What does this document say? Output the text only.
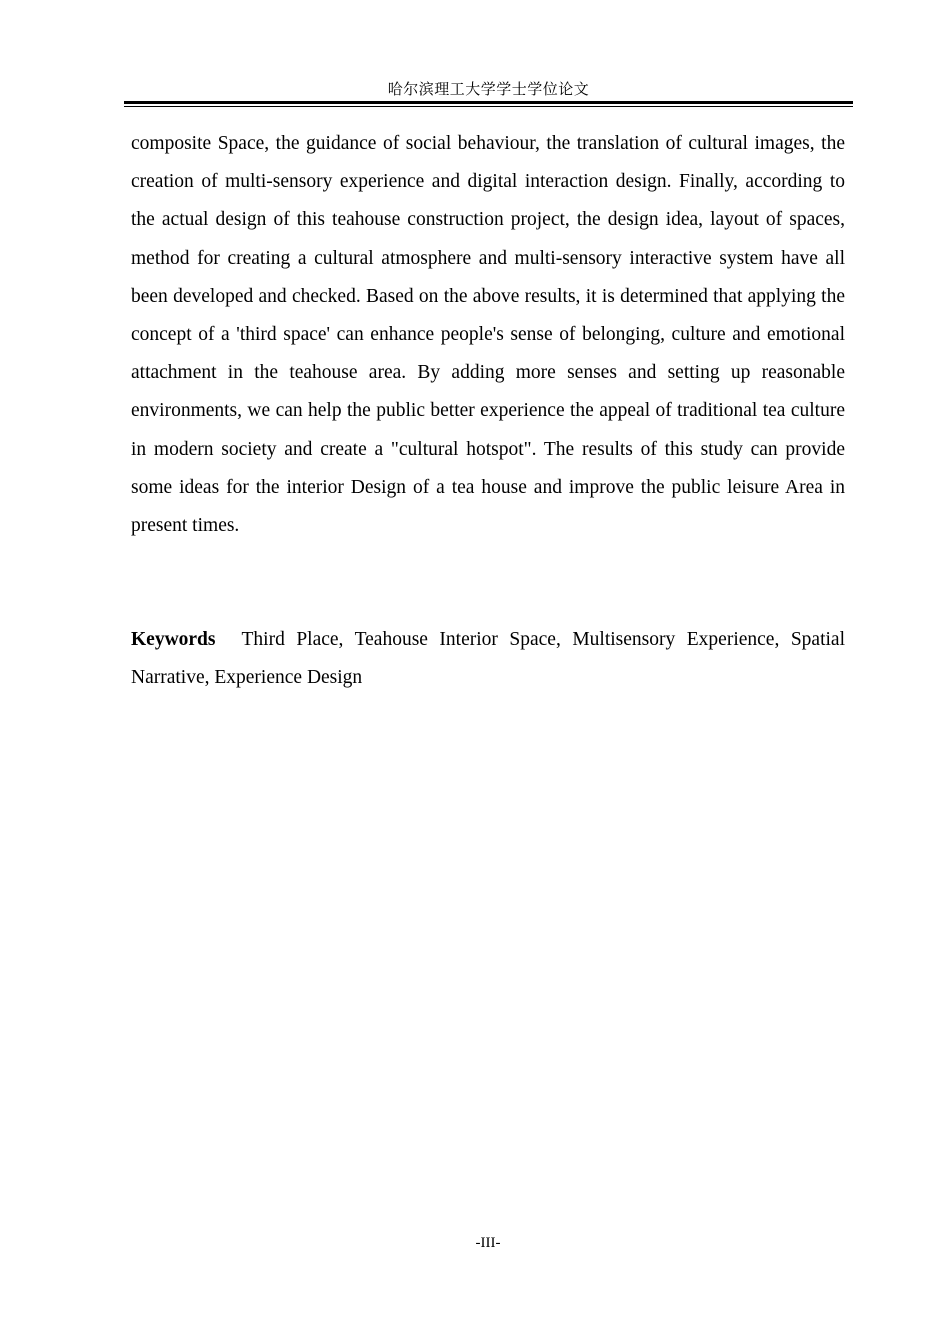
哈尔滨理工大学学士学位论文

composite Space, the guidance of social behaviour, the translation of cultural images, the creation of multi-sensory experience and digital interaction design. Finally, according to the actual design of this teahouse construction project, the design idea, layout of spaces, method for creating a cultural atmosphere and multi-sensory interactive system have all been developed and checked. Based on the above results, it is determined that applying the concept of a 'third space' can enhance people's sense of belonging, culture and emotional attachment in the teahouse area. By adding more senses and setting up reasonable environments, we can help the public better experience the appeal of traditional tea culture in modern society and create a "cultural hotspot". The results of this study can provide some ideas for the interior Design of a tea house and improve the public leisure Area in present times.

Keywords Third Place, Teahouse Interior Space, Multisensory Experience, Spatial Narrative, Experience Design

-III-
